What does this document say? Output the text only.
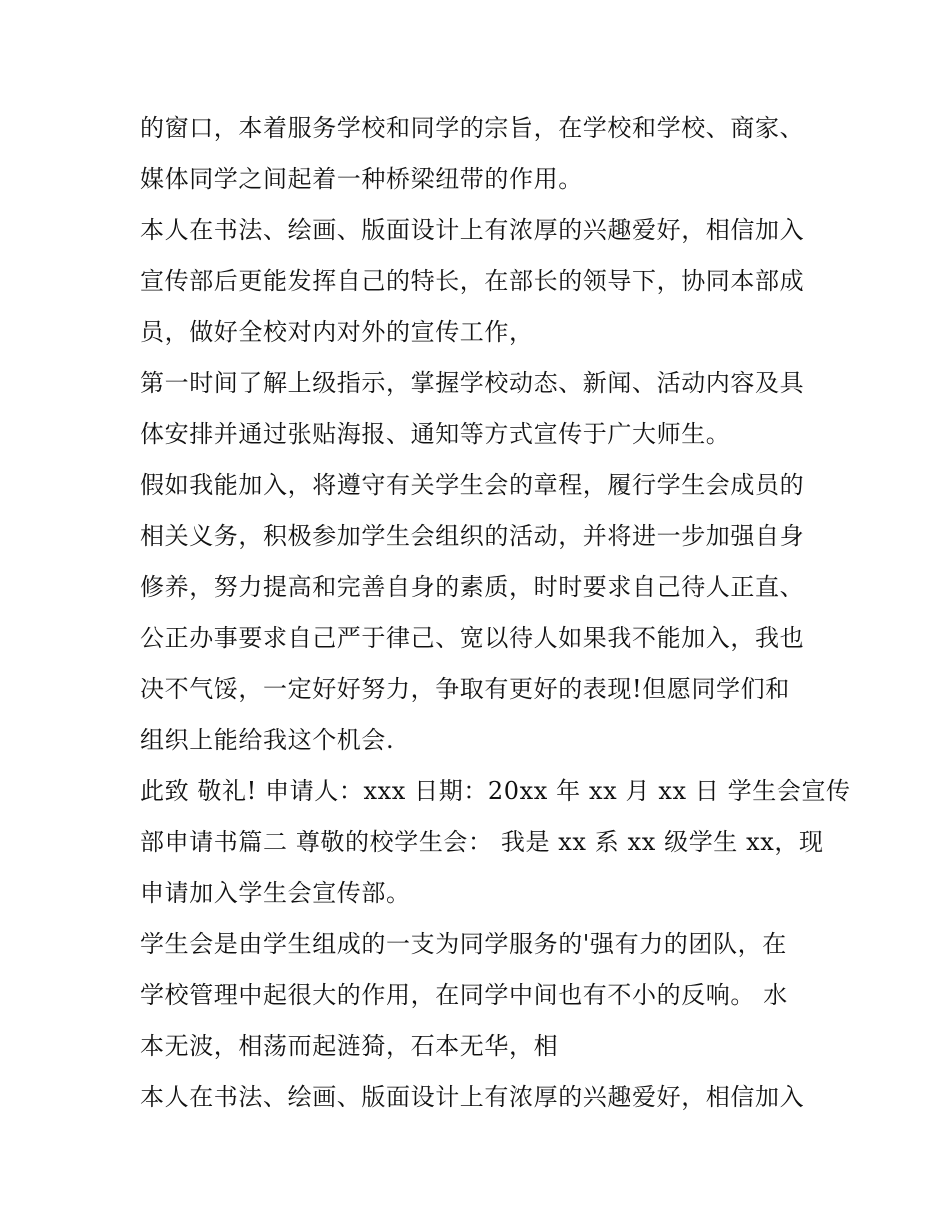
的窗口，本着服务学校和同学的宗旨，在学校和学校、商家、
媒体同学之间起着一种桥梁纽带的作用。
本人在书法、绘画、版面设计上有浓厚的兴趣爱好，相信加入
宣传部后更能发挥自己的特长，在部长的领导下，协同本部成
员，做好全校对内对外的宣传工作，
第一时间了解上级指示，掌握学校动态、新闻、活动内容及具
体安排并通过张贴海报、通知等方式宣传于广大师生。
假如我能加入，将遵守有关学生会的章程，履行学生会成员的
相关义务，积极参加学生会组织的活动，并将进一步加强自身
修养，努力提高和完善自身的素质，时时要求自己待人正直、
公正办事要求自己严于律己、宽以待人如果我不能加入，我也
决不气馁，一定好好努力，争取有更好的表现!但愿同学们和
组织上能给我这个机会.
此致 敬礼! 申请人：xxx 日期：20xx 年 xx 月 xx 日 学生会宣传
部申请书篇二 尊敬的校学生会： 我是 xx 系 xx 级学生 xx，现
申请加入学生会宣传部。
学生会是由学生组成的一支为同学服务的'强有力的团队，在
学校管理中起很大的作用，在同学中间也有不小的反响。 水
本无波，相荡而起涟猗，石本无华，相
本人在书法、绘画、版面设计上有浓厚的兴趣爱好，相信加入
